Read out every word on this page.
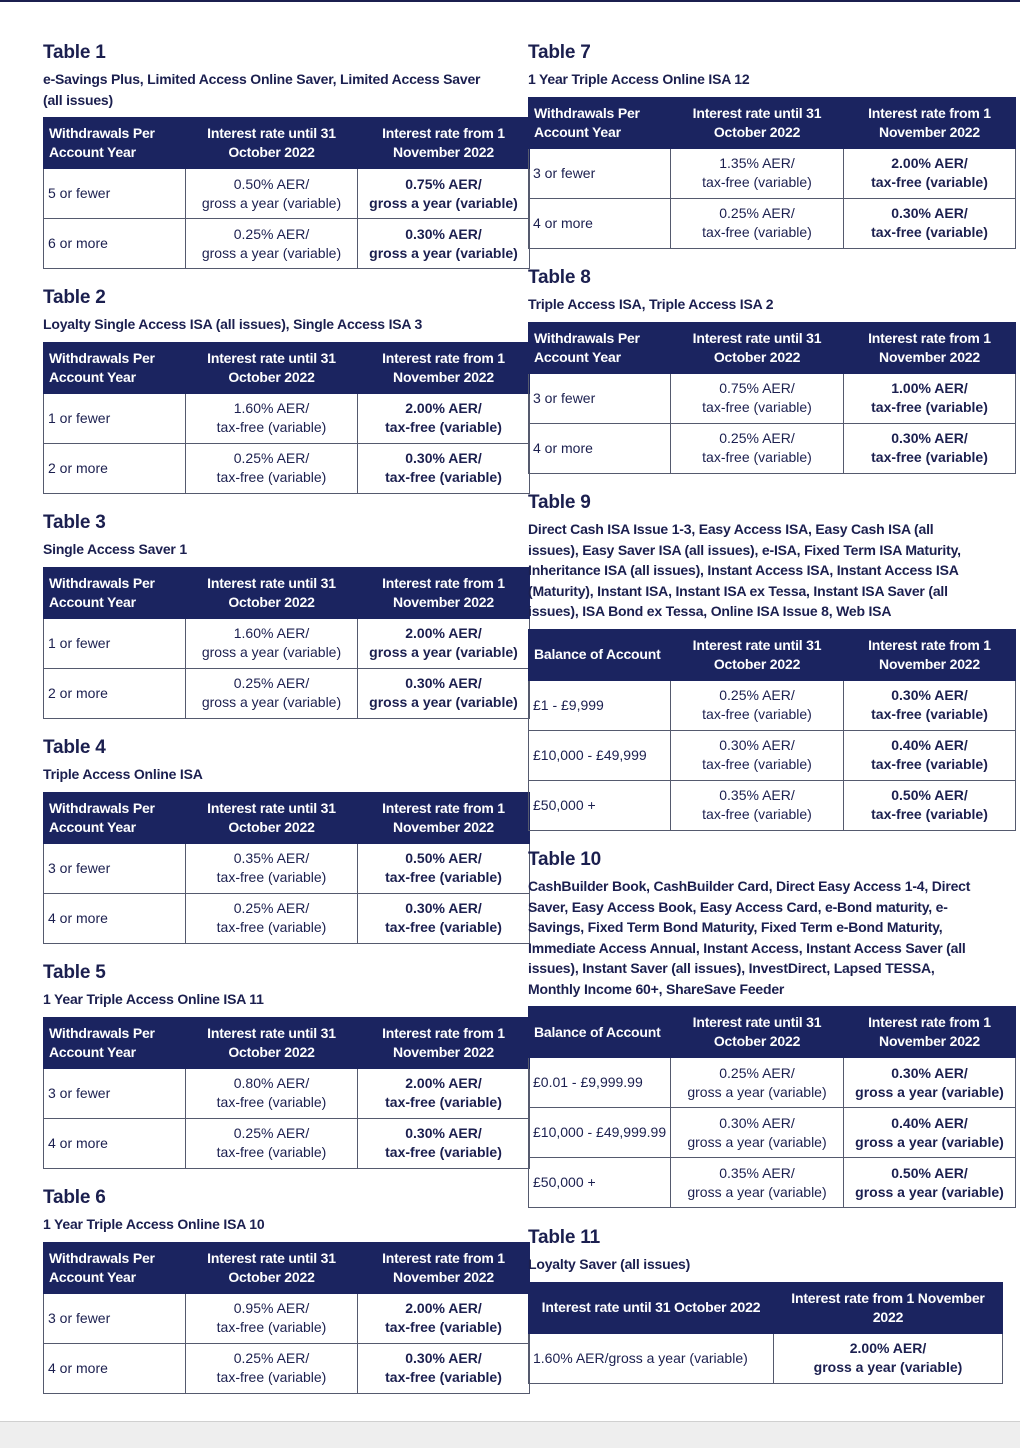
Table 1

e-Savings Plus, Limited Access Online Saver, Limited Access Saver (all issues)

Withdrawals Per Account Year	Interest rate until 31 October 2022	Interest rate from 1 November 2022
5 or fewer	0.50% AER/
gross a year (variable)	0.75% AER/
gross a year (variable)

6 or more	0.25% AER/
gross a year (variable)	0.30% AER/
gross a year (variable)

Table 2

Loyalty Single Access ISA (all issues), Single Access ISA 3

Withdrawals Per Account Year	Interest rate until 31 October 2022	Interest rate from 1 November 2022
1 or fewer	1.60% AER/
tax-free (variable)	2.00% AER/
tax-free (variable)

2 or more	0.25% AER/
tax-free (variable)	0.30% AER/
tax-free (variable)

Table 3

Single Access Saver 1

Withdrawals Per Account Year	Interest rate until 31 October 2022	Interest rate from 1 November 2022
1 or fewer	1.60% AER/
gross a year (variable)	2.00% AER/
gross a year (variable)

2 or more	0.25% AER/
gross a year (variable)	0.30% AER/
gross a year (variable)

Table 4

Triple Access Online ISA

Withdrawals Per Account Year	Interest rate until 31 October 2022	Interest rate from 1 November 2022
3 or fewer	0.35% AER/
tax-free (variable)	0.50% AER/
tax-free (variable)

4 or more	0.25% AER/
tax-free (variable)	0.30% AER/
tax-free (variable)

Table 5

1 Year Triple Access Online ISA 11

Withdrawals Per Account Year	Interest rate until 31 October 2022	Interest rate from 1 November 2022
3 or fewer	0.80% AER/
tax-free (variable)	2.00% AER/
tax-free (variable)

4 or more	0.25% AER/
tax-free (variable)	0.30% AER/
tax-free (variable)

Table 6

1 Year Triple Access Online ISA 10

Withdrawals Per Account Year	Interest rate until 31 October 2022	Interest rate from 1 November 2022
3 or fewer	0.95% AER/
tax-free (variable)	2.00% AER/
tax-free (variable)

4 or more	0.25% AER/
tax-free (variable)	0.30% AER/
tax-free (variable)

Table 7

1 Year Triple Access Online ISA 12

Withdrawals Per Account Year	Interest rate until 31 October 2022	Interest rate from 1 November 2022
3 or fewer	1.35% AER/
tax-free (variable)	2.00% AER/
tax-free (variable)

4 or more	0.25% AER/
tax-free (variable)	0.30% AER/
tax-free (variable)

Table 8

Triple Access ISA, Triple Access ISA 2

Withdrawals Per Account Year	Interest rate until 31 October 2022	Interest rate from 1 November 2022
3 or fewer	0.75% AER/
tax-free (variable)	1.00% AER/
tax-free (variable)

4 or more	0.25% AER/
tax-free (variable)	0.30% AER/
tax-free (variable)

Table 9

Direct Cash ISA Issue 1-3, Easy Access ISA, Easy Cash ISA (all issues), Easy Saver ISA (all issues), e-ISA, Fixed Term ISA Maturity, Inheritance ISA (all issues), Instant Access ISA, Instant Access ISA (Maturity), Instant ISA, Instant ISA ex Tessa, Instant ISA Saver (all issues), ISA Bond ex Tessa, Online ISA Issue 8, Web ISA

Balance of Account	Interest rate until 31 October 2022	Interest rate from 1 November 2022
£1 - £9,999	0.25% AER/
tax-free (variable)	0.30% AER/
tax-free (variable)

£10,000 - £49,999	0.30% AER/
tax-free (variable)	0.40% AER/
tax-free (variable)

£50,000 +	0.35% AER/
tax-free (variable)	0.50% AER/
tax-free (variable)

Table 10

CashBuilder Book, CashBuilder Card, Direct Easy Access 1-4, Direct Saver, Easy Access Book, Easy Access Card, e-Bond maturity, e-Savings, Fixed Term Bond Maturity, Fixed Term e-Bond Maturity, Immediate Access Annual, Instant Access, Instant Access Saver (all issues), Instant Saver (all issues), InvestDirect, Lapsed TESSA, Monthly Income 60+, ShareSave Feeder

Balance of Account	Interest rate until 31 October 2022	Interest rate from 1 November 2022
£0.01 - £9,999.99	0.25% AER/
gross a year (variable)	0.30% AER/
gross a year (variable)

£10,000 - £49,999.99	0.30% AER/
gross a year (variable)	0.40% AER/
gross a year (variable)

£50,000 +	0.35% AER/
gross a year (variable)	0.50% AER/
gross a year (variable)

Table 11

Loyalty Saver (all issues)

Interest rate until 31 October 2022	Interest rate from 1 November 2022
1.60% AER/gross a year (variable)	2.00% AER/
gross a year (variable)
